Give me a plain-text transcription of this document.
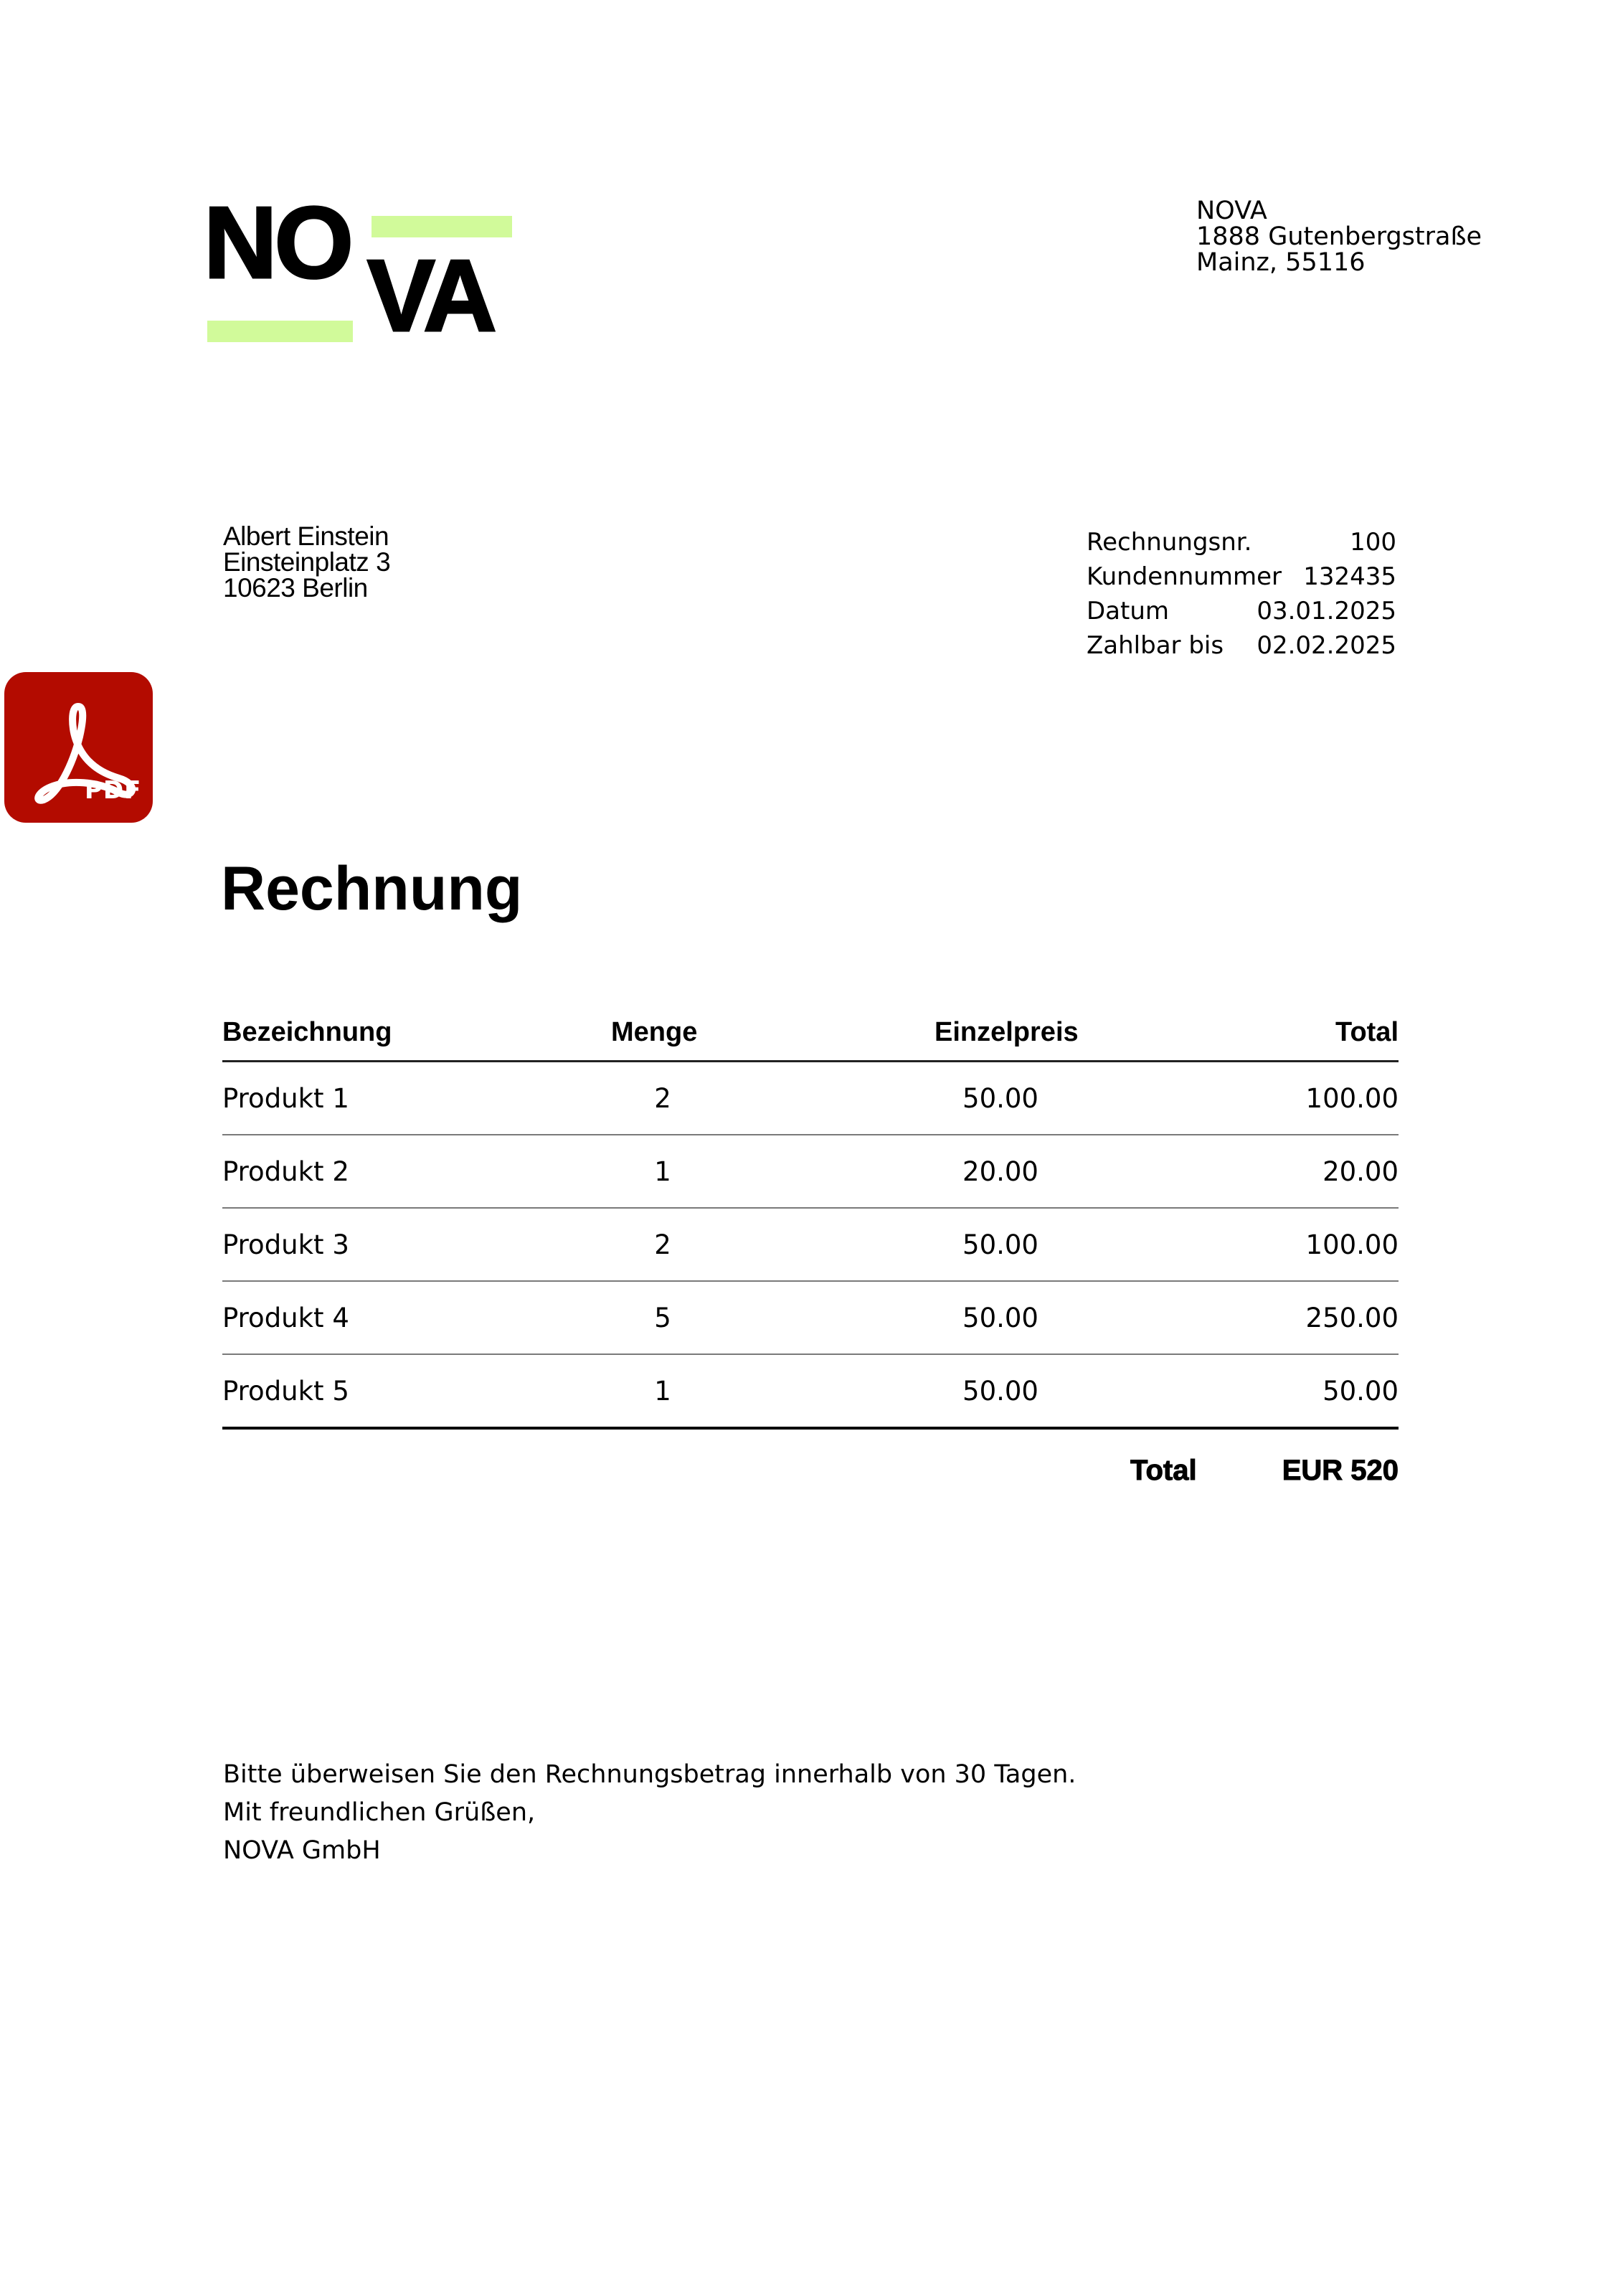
NO VA
NOVA
1888 Gutenbergstraße
Mainz, 55116
Albert Einstein
Einsteinplatz 3
10623 Berlin
Rechnungsnr.	100
Kundennummer 132435
Datum	03.01.2025
Zahlbar bis 02.02.2025
PDF
Rechnung
Bezeichnung	Menge	Einzelpreis	Total
Produkt 1	2	50.00	100.00
Produkt 2	1	20.00	20.00
Produkt 3	2	50.00	100.00
Produkt 4	5	50.00	250.00
Produkt 5	1	50.00	50.00
Total	EUR 520
Bitte überweisen Sie den Rechnungsbetrag innerhalb von 30 Tagen.
Mit freundlichen Grüßen,
NOVA GmbH
